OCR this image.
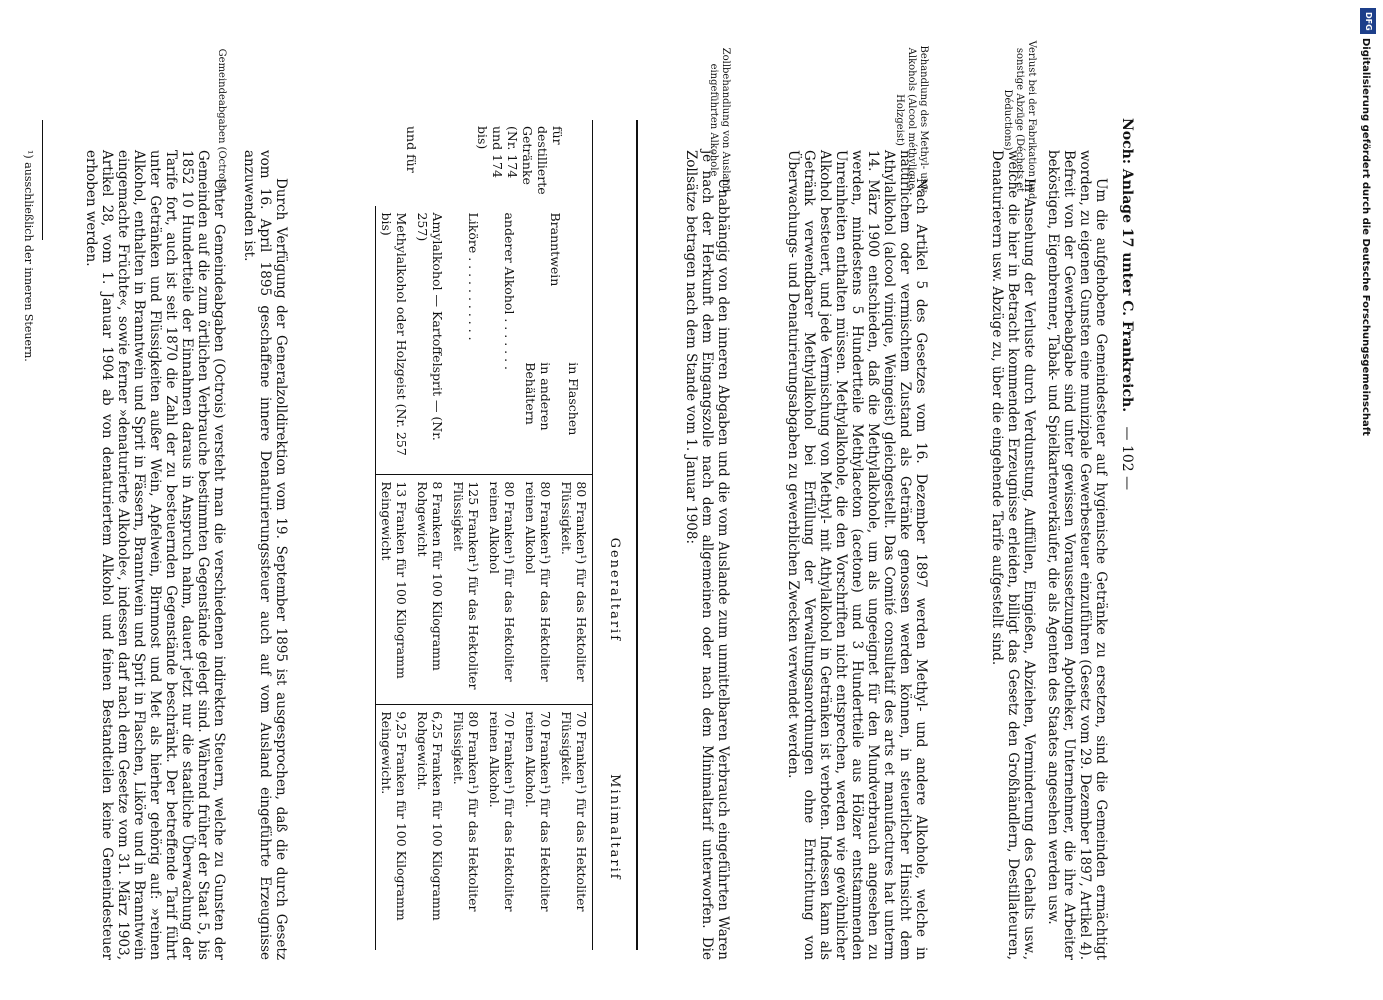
Noch: Anlage 17 unter C. Frankreich. — 102 —
Um die aufgehobene Gemeindesteuer auf hygienische Getränke zu ersetzen, sind die Gemeinden ermächtigt worden, zu eigenen Gunsten eine munizipale Gewerbesteuer einzuführen (Gesetz vom 29. Dezember 1897, Artikel 4). Befreit von der Gewerbeabgabe sind unter gewissen Voraussetzungen Apotheker, Unternehmer, die ihre Arbeiter beköstigen, Eigenbrenner, Tabak- und Spielkartenverkäufer, die als Agenten des Staates angesehen werden usw.
Verlust bei der Fabrikation und sonstige Abzüge (Déchets et Déductions)
In Ansehung der Verluste durch Verdunstung, Auffüllen, Eingießen, Abziehen, Verminderung des Gehalts usw., welche die hier in Betracht kommenden Erzeugnisse erleiden, billigt das Gesetz den Großhändlern, Destillateuren, Denaturierern usw. Abzüge zu, über die eingehende Tarife aufgestellt sind.
Behandlung des Methyl- usw. Alkohols (Alcool méthylique. Holzgeist)
Nach Artikel 5 des Gesetzes vom 16. Dezember 1897 werden Methyl- und andere Alkohole, welche in natürlichem oder vermischtem Zustand als Getränke genossen werden können, in steuerlicher Hinsicht dem Athylalkohol (alcool vinique, Weingeist) gleichgestellt. Das Comité consultatif des arts et manufactures hat unterm 14. März 1900 entschieden, daß die Methylalkohole, um als ungeeignet für den Mundverbrauch angesehen zu werden, mindestens 5 Hundertteile Methylaceton (acetone) und 3 Hundertteile aus Hölzer entstammenden Unreinheiten enthalten müssen. Methylalkohole, die den Vorschriften nicht entsprechen, werden wie gewöhnlicher Alkohol besteuert, und jede Vermischung von Methyl- mit Athylalkohol in Getränken ist verboten. Indessen kann als Getränk verwendbarer Methylalkohol bei Erfüllung der Verwaltungsanordnungen ohne Entrichtung von Überwachungs- und Denaturierungsabgaben zu gewerblichen Zwecken verwendet werden.
Zollbehandlung von Ausland eingeführten Alkohole
Unabhängig von den inneren Abgaben und die vom Auslande zum unmittelbaren Verbrauch eingeführten Waren je nach der Herkunft dem Eingangszolle nach dem allgemeinen oder nach dem Minimaltarif unterworfen. Die Zollsätze betragen nach dem Stande vom 1. Januar 1908:
			Generaltarif	Minimaltarif
für destillierte Getränke (Nr. 174 und 174 bis)	Branntwein	in Flaschen	80 Franken¹) für das Hektoliter Flüssigkeit.	70 Franken¹) für das Hektoliter Flüssigkeit.
		in anderen Behältern	80 Franken¹) für das Hektoliter reinen Alkohol	70 Franken¹) für das Hektoliter reinen Alkohol.
	anderer Alkohol . . . . . . .		80 Franken¹) für das Hektoliter reinen Alkohol	70 Franken¹) für das Hektoliter reinen Alkohol.
	Liköre . . . . . . . . . . .		125 Franken¹) für das Hektoliter Flüssigkeit	80 Franken¹) für das Hektoliter Flüssigkeit.
und für	Amylalkohol — Kartoffelsprit — (Nr. 257)		8 Franken für 100 Kilogramm Rohgewicht	6,25 Franken für 100 Kilogramm Rohgewicht.
	Methylalkohol oder Holzgeist (Nr. 257 bis)		13 Franken für 100 Kilogramm Reingewicht	9,25 Franken für 100 Kilogramm Reingewicht.
Durch Verfügung der Generalzolldirektion vom 19. September 1895 ist ausgesprochen, daß die durch Gesetz vom 16. April 1895 geschaffene innere Denaturierungssteuer auch auf vom Ausland eingeführte Erzeugnisse anzuwenden ist.
Gemeindeabgaben (Octrois)
Unter Gemeindeabgaben (Octrois) versteht man die verschiedenen indirekten Steuern, welche zu Gunsten der Gemeinden auf die zum örtlichen Verbrauche bestimmten Gegenstände gelegt sind. Während früher der Staat 5, bis 1852 10 Hundertteile der Einnahmen daraus in Anspruch nahm, dauert jetzt nur die staatliche Überwachung der Tarife fort, auch ist seit 1870 die Zahl der zu besteuernden Gegenstände beschränkt. Der betreffende Tarif führt unter Getränken und Flüssigkeiten außer Wein, Apfelwein, Birnmost und Met als hierher gehörig auf: »reinen Alkohol, enthalten in Branntwein und Sprit in Fässern, Branntwein und Sprit in Flaschen, Liköre und in Branntwein eingemachte Früchte«, sowie ferner »denaturierte Alkohole«, indessen darf nach dem Gesetze vom 31. März 1903, Artikel 28, vom 1. Januar 1904 ab von denaturiertem Alkohol und feinen Bestandteilen keine Gemeindesteuer erhoben werden.
¹) ausschließlich der inneren Steuern.
DFG
Digitalisierung gefördert durch die Deutsche Forschungsgemeinschaft
